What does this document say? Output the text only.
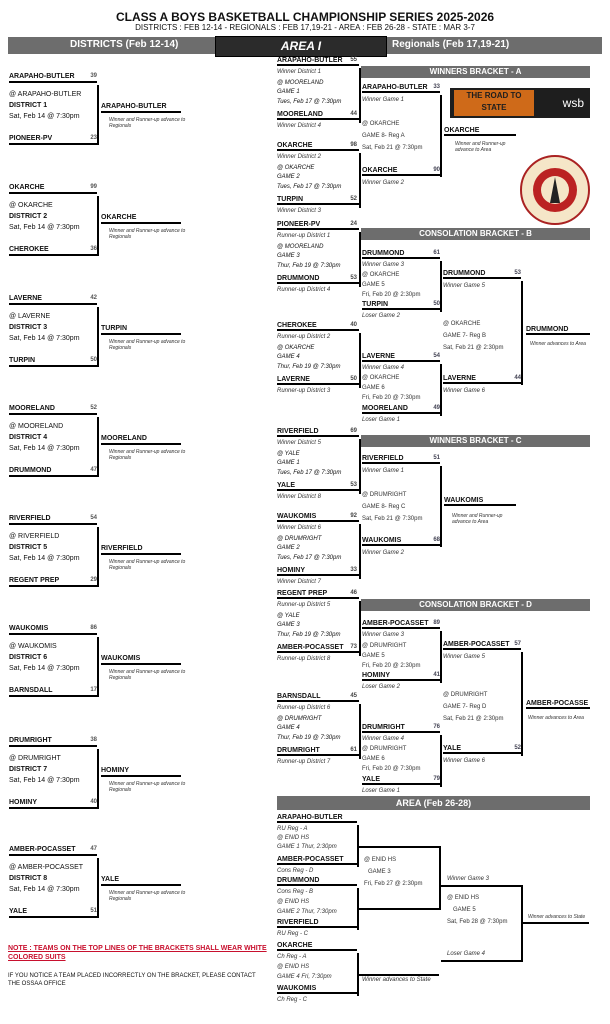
CLASS A BOYS BASKETBALL CHAMPIONSHIP SERIES 2025-2026
DISTRICTS : FEB 12-14 - REGIONALS : FEB 17,19-21 - AREA : FEB 26-28 - STATE : MAR 3-7
DISTRICTS (Feb 12-14)	Regionals (Feb 17,19-21)
AREA I
THE ROAD TO STATE	wsb
ARAPAHO-BUTLER	39
@ ARAPAHO-BUTLER
DISTRICT 1
Sat, Feb 14 @ 7:30pm
PIONEER-PV	23
ARAPAHO-BUTLER
Winner and Runner-up advance to Regionals
OKARCHE	99
@ OKARCHE
DISTRICT 2
Sat, Feb 14 @ 7:30pm
CHEROKEE	36
OKARCHE
Winner and Runner-up advance to Regionals
LAVERNE	42
@ LAVERNE
DISTRICT 3
Sat, Feb 14 @ 7:30pm
TURPIN	50
TURPIN
Winner and Runner-up advance to Regionals
MOORELAND	52
@ MOORELAND
DISTRICT 4
Sat, Feb 14 @ 7:30pm
DRUMMOND	47
MOORELAND
Winner and Runner-up advance to Regionals
RIVERFIELD	54
@ RIVERFIELD
DISTRICT 5
Sat, Feb 14 @ 7:30pm
REGENT PREP	29
RIVERFIELD
Winner and Runner-up advance to Regionals
WAUKOMIS	86
@ WAUKOMIS
DISTRICT 6
Sat, Feb 14 @ 7:30pm
BARNSDALL	17
WAUKOMIS
Winner and Runner-up advance to Regionals
DRUMRIGHT	38
@ DRUMRIGHT
DISTRICT 7
Sat, Feb 14 @ 7:30pm
HOMINY	40
HOMINY
Winner and Runner-up advance to Regionals
AMBER-POCASSET 47
@ AMBER-POCASSET
DISTRICT 8
Sat, Feb 14 @ 7:30pm
YALE	51
YALE
Winner and Runner-up advance to Regionals
WINNERS BRACKET - A
CONSOLATION BRACKET - B
WINNERS BRACKET - C
CONSOLATION BRACKET - D
AREA (Feb 26-28)
ARAPAHO-BUTLER 55
Winner District 1
@ MOORELAND
GAME 1
Tues, Feb 17 @ 7:30pm
MOORELAND	44
Winner District 4
OKARCHE	98
Winner District 2
@ OKARCHE
GAME 2
Tues, Feb 17 @ 7:30pm
TURPIN	52
Winner District 3
PIONEER-PV	24
Runner-up District 1
@ MOORELAND
GAME 3
Thur, Feb 19 @ 7:30pm
DRUMMOND	53
Runner-up District 4
CHEROKEE	40
Runner-up District 2
@ OKARCHE
GAME 4
Thur, Feb 19 @ 7:30pm
LAVERNE	50
Runner-up District 3
RIVERFIELD	69
Winner District 5
@ YALE
GAME 1
Tues, Feb 17 @ 7:30pm
YALE	53
Winner District 8
WAUKOMIS	92
Winner District 6
@ DRUMRIGHT
GAME 2
Tues, Feb 17 @ 7:30pm
HOMINY	33
Winner District 7
REGENT PREP	46
Runner-up District 5
@ YALE
GAME 3
Thur, Feb 19 @ 7:30pm
AMBER-POCASSET 73
Runner-up District 8
BARNSDALL	45
Runner-up District 6
@ DRUMRIGHT
GAME 4
Thur, Feb 19 @ 7:30pm
DRUMRIGHT	61
Runner-up District 7
ARAPAHO-BUTLER 33
Winner Game 1
@ OKARCHE
GAME 8- Reg A
Sat, Feb 21 @ 7:30pm
OKARCHE	90
Winner Game 2
OKARCHE
Winner and Runner-up advance to Area
DRUMMOND	61
Winner Game 3
@ OKARCHE
GAME 5
Fri, Feb 20 @ 2:30pm
TURPIN	50
Loser Game 2
LAVERNE	54
Winner Game 4
@ OKARCHE
GAME 6
Fri, Feb 20 @ 7:30pm
MOORELAND	49
Loser Game 1
DRUMMOND	53
Winner Game 5
@ OKARCHE
GAME 7- Reg B
Sat, Feb 21 @ 2:30pm
LAVERNE	44
Winner Game 6
DRUMMOND
Winner advances to Area
RIVERFIELD	51
Winner Game 1
@ DRUMRIGHT
GAME 8- Reg C
Sat, Feb 21 @ 7:30pm
WAUKOMIS	68
Winner Game 2
WAUKOMIS
Winner and Runner-up advance to Area
AMBER-POCASSET 89
Winner Game 3
@ DRUMRIGHT
GAME 5
Fri, Feb 20 @ 2:30pm
HOMINY	41
Loser Game 2
DRUMRIGHT	76
Winner Game 4
@ DRUMRIGHT
GAME 6
Fri, Feb 20 @ 7:30pm
YALE	79
Loser Game 1
AMBER-POCASSET 57
Winner Game 5
@ DRUMRIGHT
GAME 7- Reg D
Sat, Feb 21 @ 2:30pm
YALE	52
Winner Game 6
AMBER-POCASSE
Winner advances to Area
ARAPAHO-BUTLER
RU Reg - A
@ ENID HS
GAME 1 Thur, 2:30pm
AMBER-POCASSET
Cons Reg - D
DRUMMOND
Cons Reg - B
@ ENID HS
GAME 2 Thur, 7:30pm
RIVERFIELD
RU Reg - C
@ ENID HS
GAME 3
Fri, Feb 27 @ 2:30pm
OKARCHE
Ch Reg - A
@ ENID HS
GAME 4 Fri, 7:30pm
WAUKOMIS
Ch Reg - C
Winner advances to State
Winner Game 3
@ ENID HS
GAME 5
Sat, Feb 28 @ 7:30pm
Loser Game 4
Winner advances to State
NOTE : TEAMS ON THE TOP LINES OF THE BRACKETS SHALL WEAR WHITE COLORED SUITS
IF YOU NOTICE A TEAM PLACED INCORRECTLY ON THE BRACKET, PLEASE CONTACT THE OSSAA OFFICE
